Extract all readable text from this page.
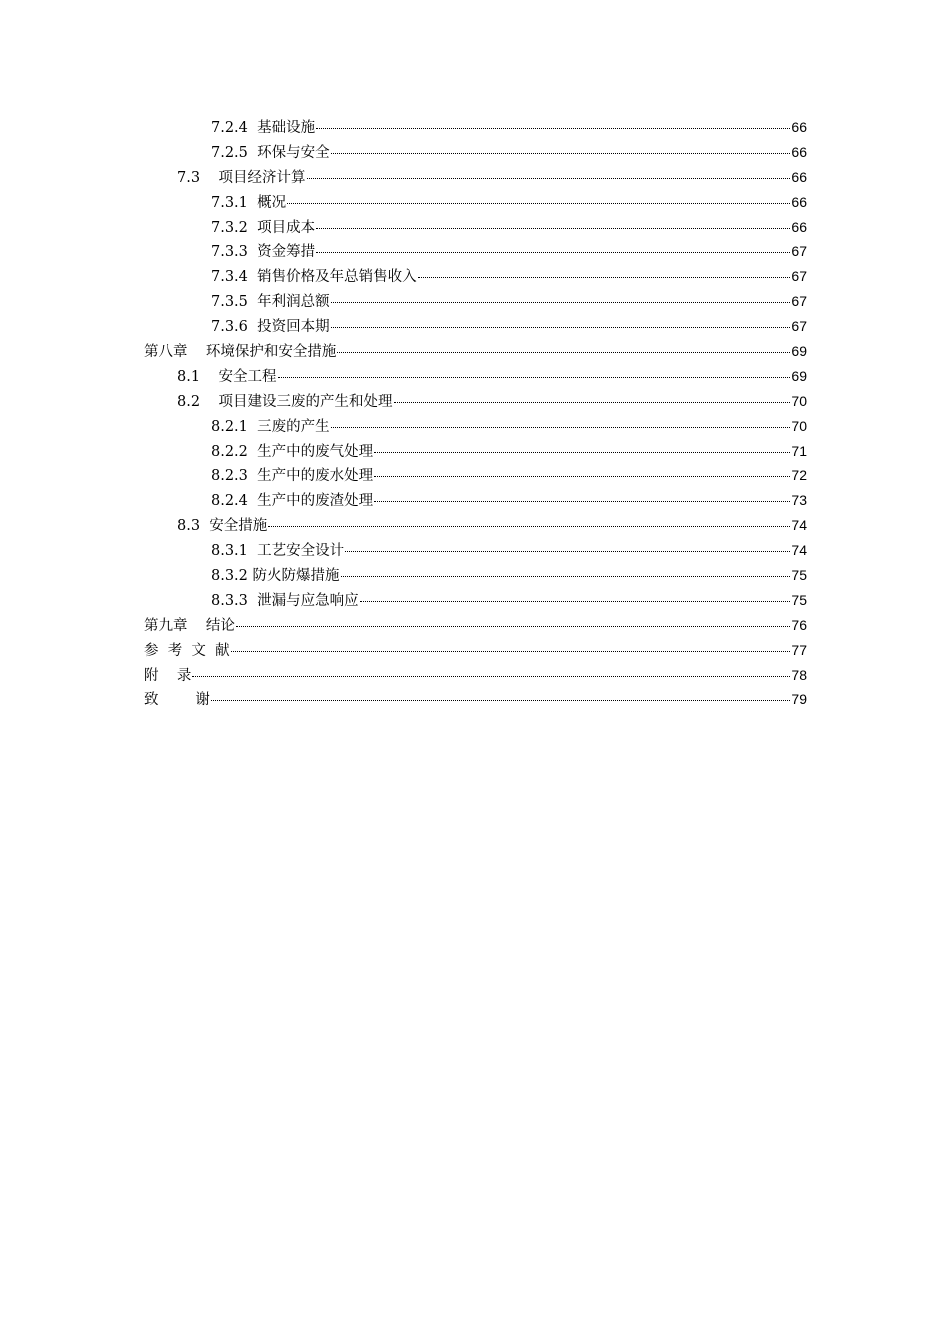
7.2.4  基础设施	66
7.2.5  环保与安全	66
7.3    项目经济计算	66
7.3.1  概况	66
7.3.2  项目成本	66
7.3.3  资金筹措	67
7.3.4  销售价格及年总销售收入	67
7.3.5  年利润总额	67
7.3.6  投资回本期	67
第八章    环境保护和安全措施	69
8.1    安全工程	69
8.2    项目建设三废的产生和处理	70
8.2.1  三废的产生	70
8.2.2  生产中的废气处理	71
8.2.3  生产中的废水处理	72
8.2.4  生产中的废渣处理	73
8.3  安全措施	74
8.3.1  工艺安全设计	74
8.3.2 防火防爆措施	75
8.3.3  泄漏与应急响应	75
第九章    结论	76
参  考  文  献	77
附    录	78
致        谢	79
